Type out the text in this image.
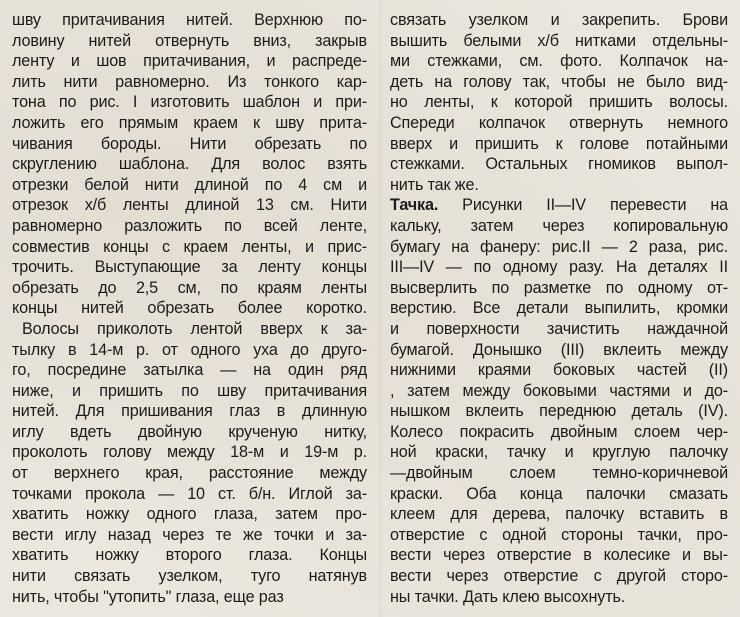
шву притачивания нитей. Верхнюю по-
ловину нитей отвернуть вниз, закрыв
ленту и шов притачивания, и распреде-
лить нити равномерно. Из тонкого кар-
тона по рис. I изготовить шаблон и при-
ложить его прямым краем к шву притa-
чивания бороды. Нити обрезать по
скруглению шаблона. Для волос взять
отрезки белой нити длиной по 4 см и
отрезок х/б ленты длиной 13 см. Нити
равномерно разложить по всей ленте,
совместив концы с краем ленты, и прис-
трочить. Выступающие за ленту концы
обрезать до 2,5 см, по краям ленты
концы нитей обрезать более коротко.
Волосы приколоть лентой вверх к за-
тылку в 14-м р. от одного уха до друго-
го, посредине затылка — на один ряд
ниже, и пришить по шву притачивания
нитей. Для пришивания глаз в длинную
иглу вдеть двойную крученую нитку,
проколоть голову между 18-м и 19-м р.
от верхнего края, расстояние между
точками прокола — 10 ст. б/н. Иглой за-
хватить ножку одного глаза, затем про-
вести иглу назад через те же точки и за-
хватить ножку второго глаза. Концы
нити связать узелком, туго натянув
нить, чтобы "утопить" глаза, еще раз
связать узелком и закрепить. Брови
вышить белыми х/б нитками отдельны-
ми стежками, см. фото. Колпачок на-
деть на голову так, чтобы не было вид-
но ленты, к которой пришить волосы.
Спереди колпачок отвернуть немного
вверх и пришить к голове потайными
стежками. Остальных гномиков выпол-
нить так же.
Тачка. Рисунки II—IV перевести на
кальку, затем через копировальную
бумагу на фанеру: рис.II — 2 раза, рис.
III—IV — по одному разу. На деталях II
высверлить по разметке по одному от-
верстию. Все детали выпилить, кромки
и поверхности зачистить наждачной
бумагой. Донышко (III) вклеить между
нижними краями боковых частей (II)
, затем между боковыми частями и до-
нышком вклеить переднюю деталь (IV).
Колесо покрасить двойным слоем чер-
ной краски, тачку и круглую палочку
—двойным слоем темно-коричневой
краски. Оба конца палочки смазать
клеем для дерева, палочку вставить в
отверстие с одной стороны тачки, про-
вести через отверстие в колесике и вы-
вести через отверстие с другой сторо-
ны тачки. Дать клею высохнуть.
